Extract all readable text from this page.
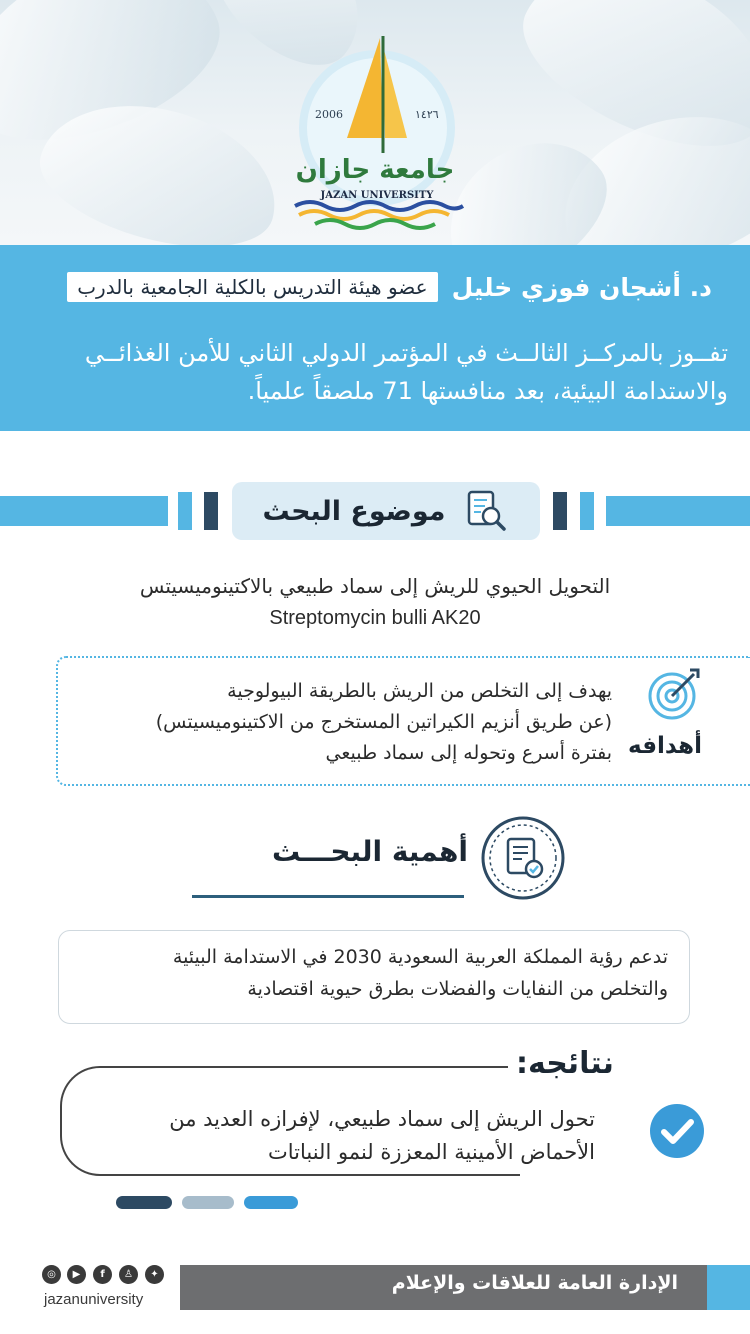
2006	١٤٢٦
جامعة جازان
JAZAN UNIVERSITY
د. أشجان فوزي خليل
عضو هيئة التدريس بالكلية الجامعية بالدرب
تفــوز بالمركــز الثالــث في المؤتمر الدولي الثاني للأمن الغذائــي
والاستدامة البيئية، بعد منافستها 71 ملصقاً علمياً.
موضوع البحث
التحويل الحيوي للريش إلى سماد طبيعي بالاكتينوميسيتس
Streptomycin bulli AK20
أهدافه
يهدف إلى التخلص من الريش بالطريقة البيولوجية
(عن طريق أنزيم الكيراتين المستخرج من الاكتينوميسيتس)
بفترة أسرع وتحوله إلى سماد طبيعي
أهمية البحـــث
تدعم رؤية المملكة العربية السعودية 2030 في الاستدامة البيئية
والتخلص من النفايات والفضلات بطرق حيوية اقتصادية
نتائجه:
تحول الريش إلى سماد طبيعي، لإفرازه العديد من
الأحماض الأمينية المعززة لنمو النباتات
الإدارة العامة للعلاقات والإعلام
◎	▶	f	♙	✦
jazanuniversity
